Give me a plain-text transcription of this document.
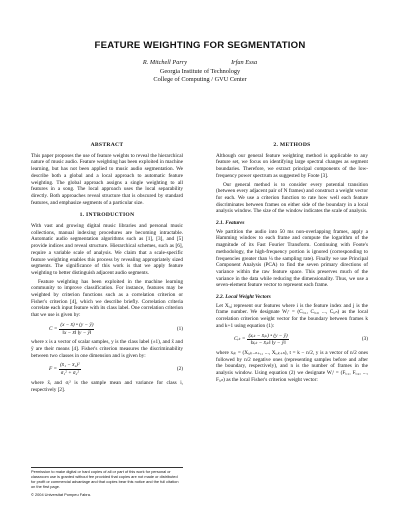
FEATURE WEIGHTING FOR SEGMENTATION
R. Mitchell Parry	Irfan Essa
Georgia Institute of Technology
College of Computing / GVU Center
ABSTRACT

This paper proposes the use of feature weights to reveal the hierarchical nature of music audio. Feature weighting has been exploited in machine learning, but has not been applied to music audio segmentation. We describe both a global and a local approach to automatic feature weighting. The global approach assigns a single weighting to all features in a song. The local approach uses the local separability directly. Both approaches reveal structure that is obscured by standard features, and emphasize segments of a particular size.

1. INTRODUCTION

With vast and growing digital music libraries and personal music collections, manual indexing procedures are becoming intractable. Automatic audio segmentation algorithms such as [1], [3], and [5] provide indices and reveal structure. Hierarchical schemes, such as [6], require a variable scale of analysis. We claim that a scale-specific feature weighting enables this process by revealing appropriately sized segments. The significance of this work is that we apply feature weighting to better distinguish adjacent audio segments.

Feature weighting has been exploited in the machine learning community to improve classification. For instance, features may be weighted by criterion functions such as a correlation criterion or Fisher's criterion [4], which we describe briefly. Correlation criteria correlate each input feature with its class label. One correlation criterion that we use is given by:

$C = \frac{(x - x̄) • (y - ȳ)}{‖x - x̄‖ ‖y - ȳ‖}$	(1)

where x is a vector of scalar samples, y is the class label (±1), and x̄ and ȳ are their means [4]. Fisher's criterion measures the discriminability between two classes in one dimension and is given by:

$F = \frac{\text{(x̄₁ − x̄₂)²}}{\text{σ₁² + σ₂²}}$	(2)

where x̄ᵢ and σᵢ² is the sample mean and variance for class i, respectively [2].

2. METHODS

Although our general feature weighting method is applicable to any feature set, we focus on identifying large spectral changes as segment boundaries. Therefore, we extract principal components of the low-frequency power spectrum as suggested by Foote [3].

Our general method is to consider every potential transition (between every adjacent pair of N frames) and construct a weight vector for each. We use a criterion function to rate how well each feature discriminates between frames on either side of the boundary in a local analysis window. The size of the window indicates the scale of analysis.

2.1. Features

We partition the audio into 50 ms non-overlapping frames, apply a Hamming window to each frame and compute the logarithm of the magnitude of its Fast Fourier Transform. Continuing with Foote's methodology, the high-frequency portion is ignored (corresponding to frequencies greater than ¼ the sampling rate). Finally we use Principal Component Analysis (PCA) to find the seven primary directions of variance within the raw feature space. This preserves much of the variance in the data while reducing the dimensionality. Thus, we use a seven-element feature vector to represent each frame.

2.2. Local Weight Vectors

Let Xᵢ,ⱼ represent our features where i is the feature index and j is the frame number. We designate Wᵢᶜ = (Cᵢ,₁, Cᵢ,₂, ..., Cᵢ,ₙ) as the local correlation criterion weight vector for the boundary between frames k and k+1 using equation (1):

Cᵢₖ = $\frac{\text{(xᵢₖ − x̄ᵢₖ) • (y − ȳ)}}{\text{‖xᵢₖ − x̄ᵢₖ‖ ‖y − ȳ‖}}$	(3)

where xᵢₖ = (Xᵢ,ₖ₋ₙ₊₁, ..., Xᵢ,ₖ₊ₙ), t = k − n/2, y is a vector of n/2 ones followed by n/2 negative ones (representing samples before and after the boundary, respectively), and n is the number of frames in the analysis window. Using equation (2) we designate Wᵢᶠ = (Fᵢ,₁, Fᵢ,₂, ..., Fᵢ,ₙ) as the local Fisher's criterion weight vector:

Permission to make digital or hard copies of all or part of this work for personal or classroom use is granted without fee provided that copies are not made or distributed for profit or commercial advantage and that copies bear this notice and the full citation on the first page.
© 2004 Universitat Pompeu Fabra.
